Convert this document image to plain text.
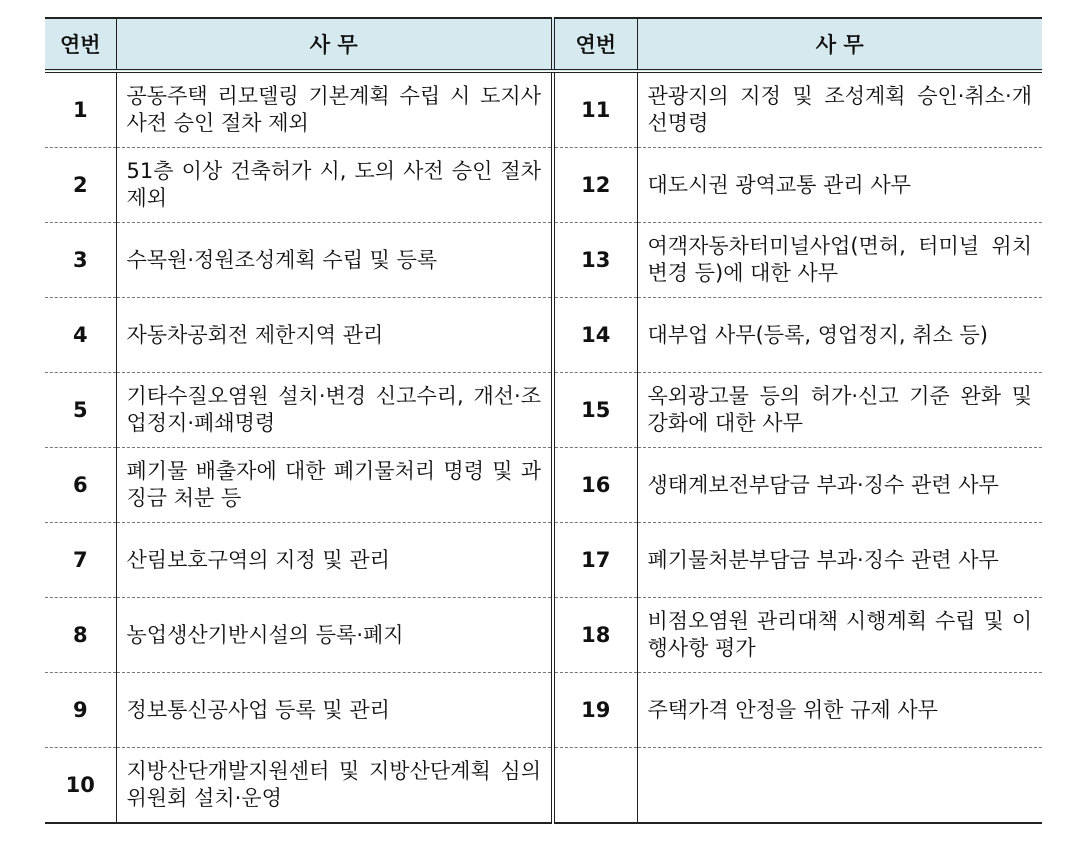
연번	사 무	연번	사 무
1	공동주택 리모델링 기본계획 수립 시 도지사 사전 승인 절차 제외	11	관광지의 지정 및 조성계획 승인·취소·개선명령
2	51층 이상 건축허가 시, 도의 사전 승인 절차 제외	12	대도시권 광역교통 관리 사무
3	수목원·정원조성계획 수립 및 등록	13	여객자동차터미널사업(면허, 터미널 위치 변경 등)에 대한 사무
4	자동차공회전 제한지역 관리	14	대부업 사무(등록, 영업정지, 취소 등)
5	기타수질오염원 설치·변경 신고수리, 개선·조업정지·폐쇄명령	15	옥외광고물 등의 허가·신고 기준 완화 및 강화에 대한 사무
6	폐기물 배출자에 대한 폐기물처리 명령 및 과징금 처분 등	16	생태계보전부담금 부과·징수 관련 사무
7	산림보호구역의 지정 및 관리	17	폐기물처분부담금 부과·징수 관련 사무
8	농업생산기반시설의 등록·폐지	18	비점오염원 관리대책 시행계획 수립 및 이행사항 평가
9	정보통신공사업 등록 및 관리	19	주택가격 안정을 위한 규제 사무
10	지방산단개발지원센터 및 지방산단계획 심의위원회 설치·운영		
